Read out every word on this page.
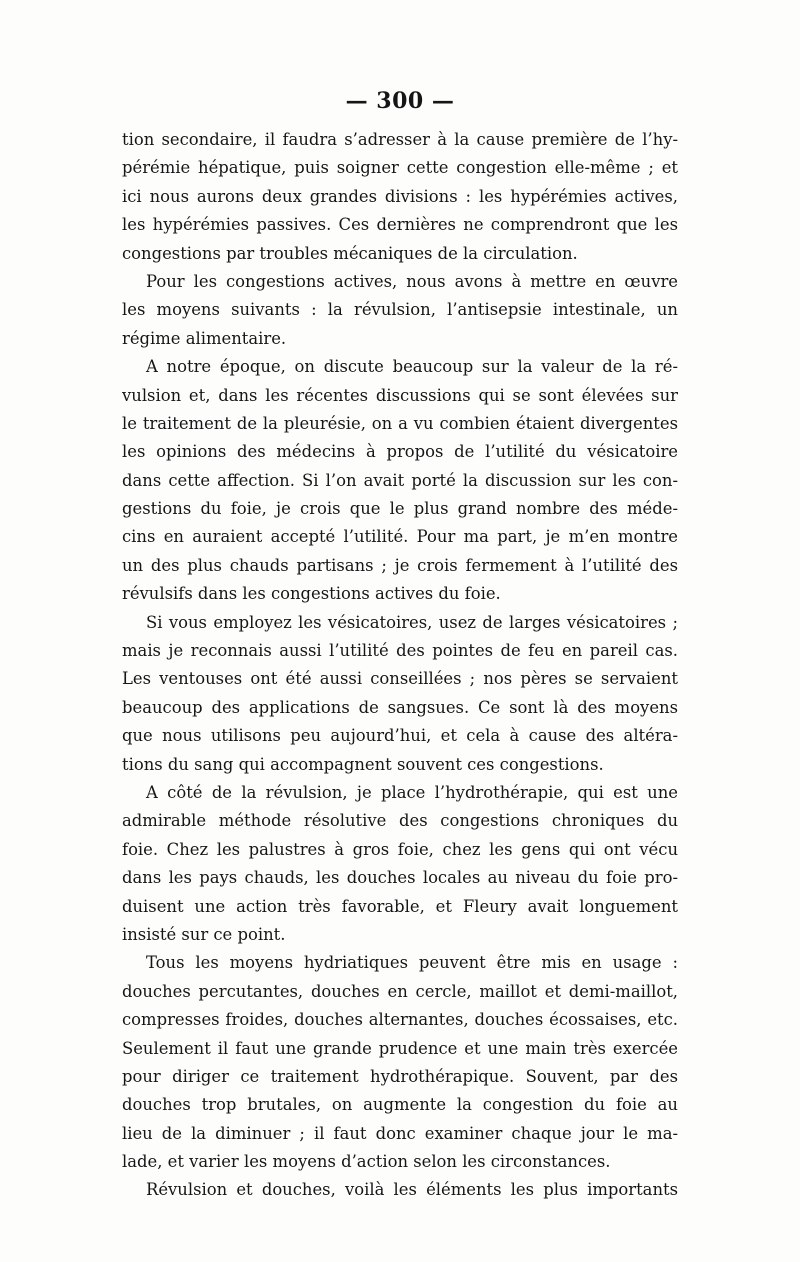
— 300 —
tion secondaire, il faudra s’adresser à la cause première de l’hy-
pérémie hépatique, puis soigner cette congestion elle-même ; et
ici nous aurons deux grandes divisions : les hypérémies actives,
les hypérémies passives. Ces dernières ne comprendront que les
congestions par troubles mécaniques de la circulation.
Pour les congestions actives, nous avons à mettre en œuvre
les moyens suivants : la révulsion, l’antisepsie intestinale, un
régime alimentaire.
A notre époque, on discute beaucoup sur la valeur de la ré-
vulsion et, dans les récentes discussions qui se sont élevées sur
le traitement de la pleurésie, on a vu combien étaient divergentes
les opinions des médecins à propos de l’utilité du vésicatoire
dans cette affection. Si l’on avait porté la discussion sur les con-
gestions du foie, je crois que le plus grand nombre des méde-
cins en auraient accepté l’utilité. Pour ma part, je m’en montre
un des plus chauds partisans ; je crois fermement à l’utilité des
révulsifs dans les congestions actives du foie.
Si vous employez les vésicatoires, usez de larges vésicatoires ;
mais je reconnais aussi l’utilité des pointes de feu en pareil cas.
Les ventouses ont été aussi conseillées ; nos pères se servaient
beaucoup des applications de sangsues. Ce sont là des moyens
que nous utilisons peu aujourd’hui, et cela à cause des altéra-
tions du sang qui accompagnent souvent ces congestions.
A côté de la révulsion, je place l’hydrothérapie, qui est une
admirable méthode résolutive des congestions chroniques du
foie. Chez les palustres à gros foie, chez les gens qui ont vécu
dans les pays chauds, les douches locales au niveau du foie pro-
duisent une action très favorable, et Fleury avait longuement
insisté sur ce point.
Tous les moyens hydriatiques peuvent être mis en usage :
douches percutantes, douches en cercle, maillot et demi-maillot,
compresses froides, douches alternantes, douches écossaises, etc.
Seulement il faut une grande prudence et une main très exercée
pour diriger ce traitement hydrothérapique. Souvent, par des
douches trop brutales, on augmente la congestion du foie au
lieu de la diminuer ; il faut donc examiner chaque jour le ma-
lade, et varier les moyens d’action selon les circonstances.
Révulsion et douches, voilà les éléments les plus importants
